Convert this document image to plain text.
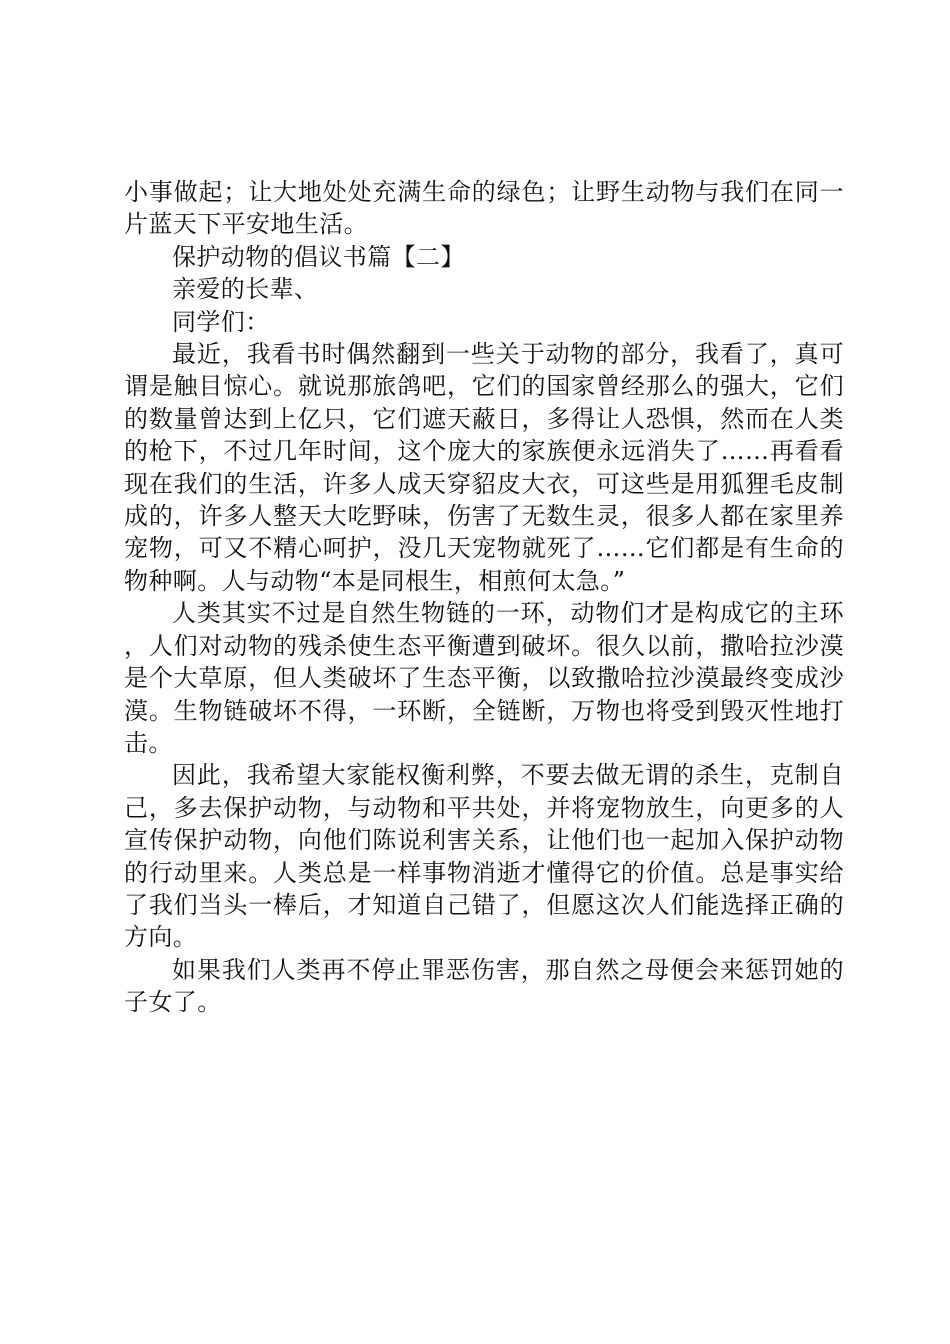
小事做起；让大地处处充满生命的绿色；让野生动物与我们在同一片蓝天下平安地生活。

保护动物的倡议书篇【二】

亲爱的长辈、

同学们：

最近，我看书时偶然翻到一些关于动物的部分，我看了，真可谓是触目惊心。就说那旅鸽吧，它们的国家曾经那么的强大，它们的数量曾达到上亿只，它们遮天蔽日，多得让人恐惧，然而在人类的枪下，不过几年时间，这个庞大的家族便永远消失了……再看看现在我们的生活，许多人成天穿貂皮大衣，可这些是用狐狸毛皮制成的，许多人整天大吃野味，伤害了无数生灵，很多人都在家里养宠物，可又不精心呵护，没几天宠物就死了……它们都是有生命的物种啊。人与动物“本是同根生，相煎何太急。”

人类其实不过是自然生物链的一环，动物们才是构成它的主环，人们对动物的残杀使生态平衡遭到破坏。很久以前，撒哈拉沙漠是个大草原，但人类破坏了生态平衡，以致撒哈拉沙漠最终变成沙漠。生物链破坏不得，一环断，全链断，万物也将受到毁灭性地打击。

因此，我希望大家能权衡利弊，不要去做无谓的杀生，克制自己，多去保护动物，与动物和平共处，并将宠物放生，向更多的人宣传保护动物，向他们陈说利害关系，让他们也一起加入保护动物的行动里来。人类总是一样事物消逝才懂得它的价值。总是事实给了我们当头一棒后，才知道自己错了，但愿这次人们能选择正确的方向。

如果我们人类再不停止罪恶伤害，那自然之母便会来惩罚她的子女了。
